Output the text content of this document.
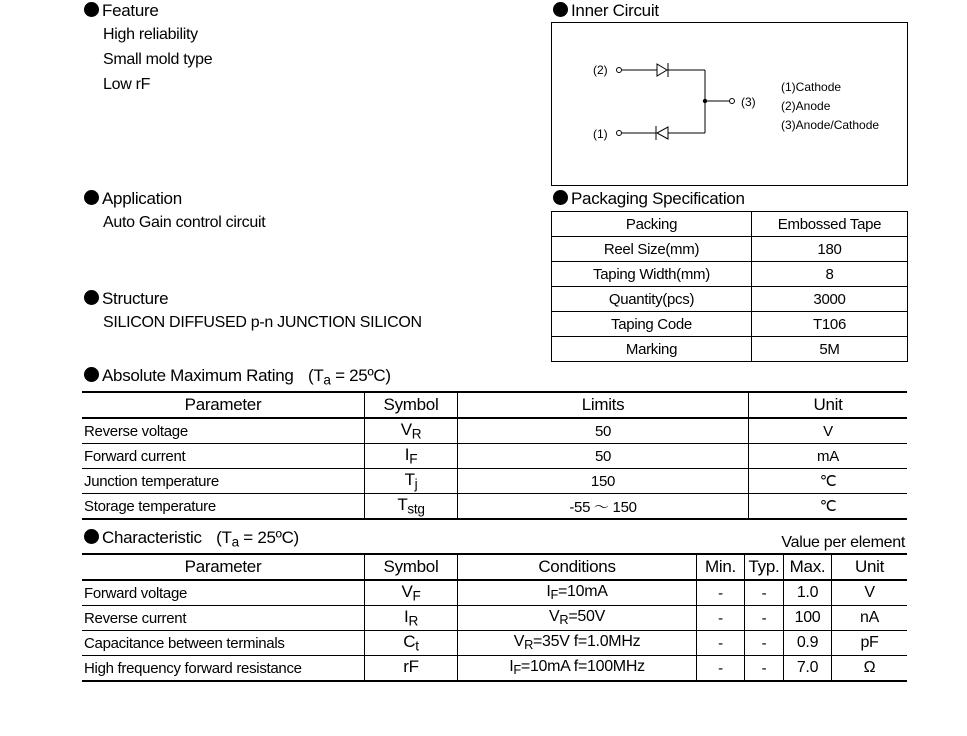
Feature
High reliability
Small mold type
Low rF
Inner Circuit
(2)
(1)
(3)
(1)Cathode
(2)Anode
(3)Anode/Cathode
Application
Auto Gain control circuit
Structure
SILICON DIFFUSED p-n JUNCTION SILICON
Packaging Specification
Packing	Embossed Tape
Reel Size(mm)	180
Taping Width(mm)	8
Quantity(pcs)	3000
Taping Code	T106
Marking	5M
Absolute Maximum Rating ($T_a$ = 25ºC)
Parameter	Symbol	Limits	Unit
Reverse voltage	$V_R$	50	V
Forward current	$I_F$	50	mA
Junction temperature	$T_j$	150	℃
Storage temperature	$T_{stg}$	-55 ～ 150	℃
Characteristic ($T_a$ = 25ºC)	Value per element
Parameter	Symbol	Conditions	Min.	Typ.	Max.	Unit
Forward voltage	$V_F$	$I_F=10mA$	-	-	1.0	V
Reverse current	$I_R$	$V_R=50V$	-	-	100	nA
Capacitance between terminals	$C_t$	$V_R=35V$ f=1.0MHz	-	-	0.9	pF
High frequency forward resistance	rF	$I_F=10mA$ f=100MHz	-	-	7.0	Ω
